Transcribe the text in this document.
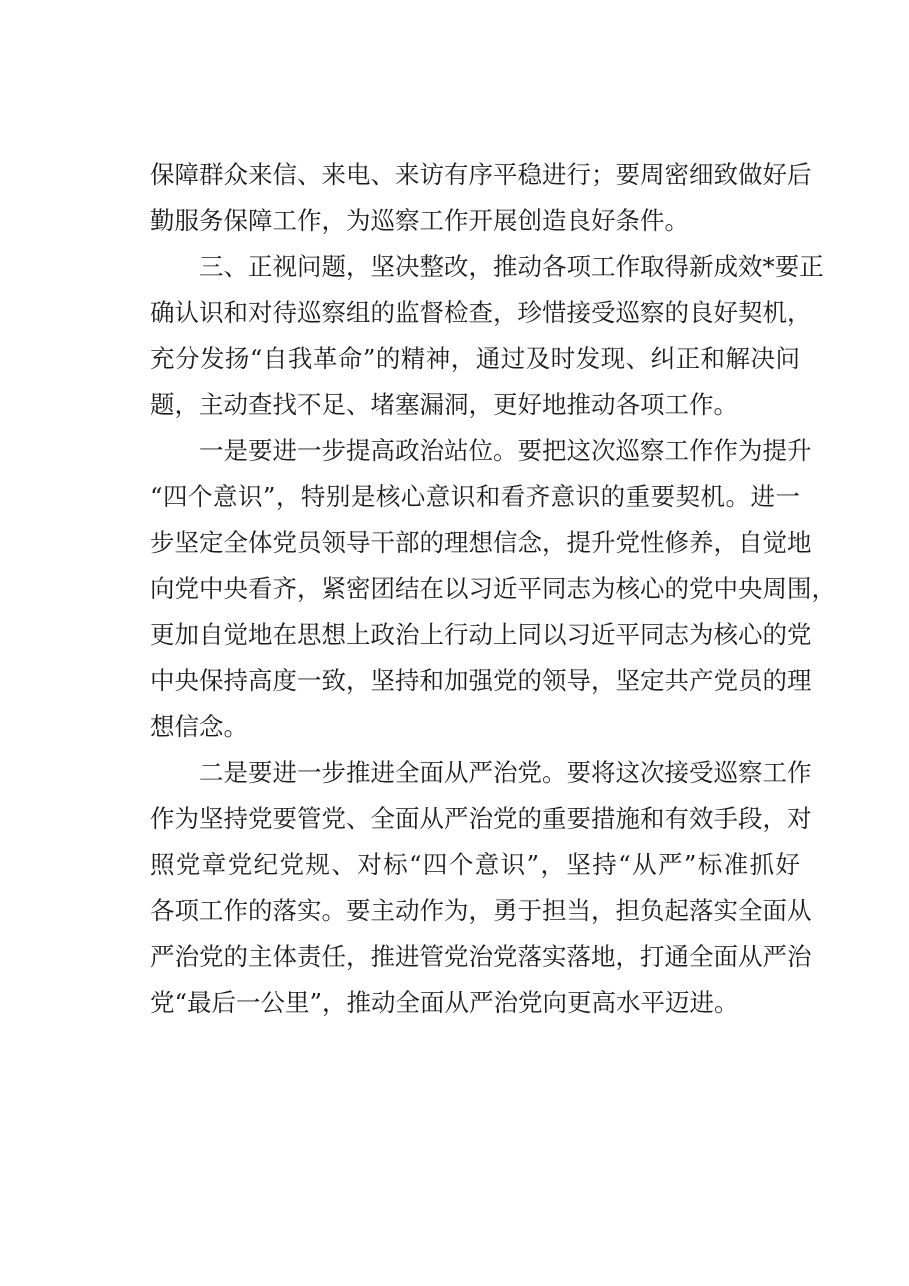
保障群众来信、来电、来访有序平稳进行；要周密细致做好后
勤服务保障工作，为巡察工作开展创造良好条件。
三、正视问题，坚决整改，推动各项工作取得新成效*要正
确认识和对待巡察组的监督检查，珍惜接受巡察的良好契机，
充分发扬“自我革命”的精神，通过及时发现、纠正和解决问
题，主动查找不足、堵塞漏洞，更好地推动各项工作。
一是要进一步提高政治站位。要把这次巡察工作作为提升
“四个意识”，特别是核心意识和看齐意识的重要契机。进一
步坚定全体党员领导干部的理想信念，提升党性修养，自觉地
向党中央看齐，紧密团结在以习近平同志为核心的党中央周围，
更加自觉地在思想上政治上行动上同以习近平同志为核心的党
中央保持高度一致，坚持和加强党的领导，坚定共产党员的理
想信念。
二是要进一步推进全面从严治党。要将这次接受巡察工作
作为坚持党要管党、全面从严治党的重要措施和有效手段，对
照党章党纪党规、对标“四个意识”，坚持“从严”标准抓好
各项工作的落实。要主动作为，勇于担当，担负起落实全面从
严治党的主体责任，推进管党治党落实落地，打通全面从严治
党“最后一公里”，推动全面从严治党向更高水平迈进。
